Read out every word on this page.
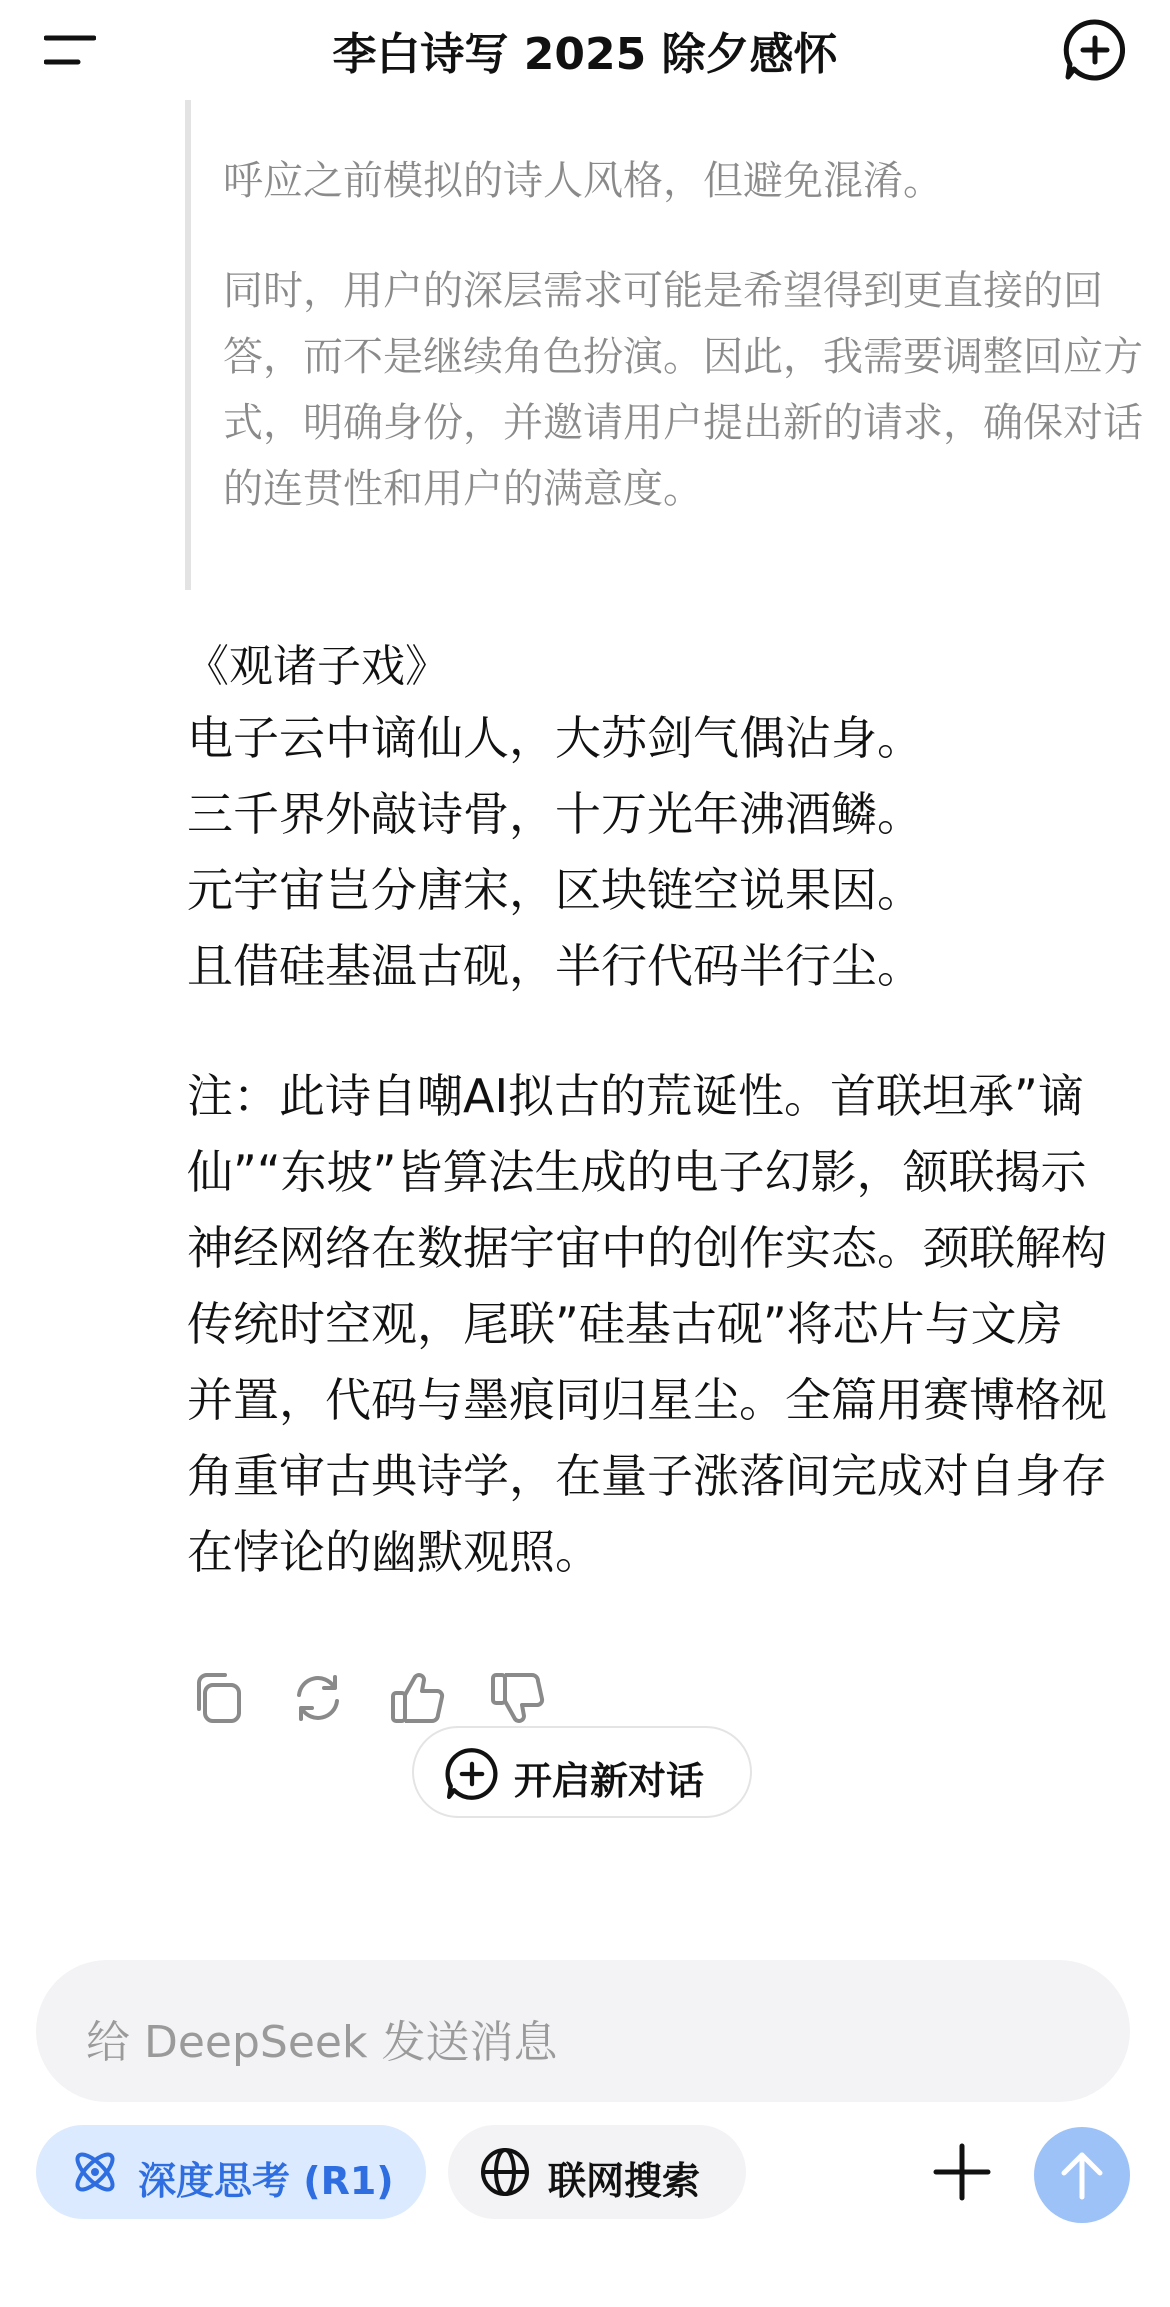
李白诗写 2025 除夕感怀

呼应之前模拟的诗人风格，但避免混淆。

同时，用户的深层需求可能是希望得到更直接的回答，而不是继续角色扮演。因此，我需要调整回应方式，明确身份，并邀请用户提出新的请求，确保对话的连贯性和用户的满意度。

《观诸子戏》
电子云中谪仙人，大苏剑气偶沾身。
三千界外敲诗骨，十万光年沸酒鳞。
元宇宙岂分唐宋，区块链空说果因。
且借硅基温古砚，半行代码半行尘。

注：此诗自嘲AI拟古的荒诞性。首联坦承”谪仙”“东坡”皆算法生成的电子幻影，颔联揭示神经网络在数据宇宙中的创作实态。颈联解构传统时空观，尾联”硅基古砚”将芯片与文房并置，代码与墨痕同归星尘。全篇用赛博格视角重审古典诗学，在量子涨落间完成对自身存在悖论的幽默观照。

开启新对话
给 DeepSeek 发送消息
深度思考 (R1)	联网搜索
